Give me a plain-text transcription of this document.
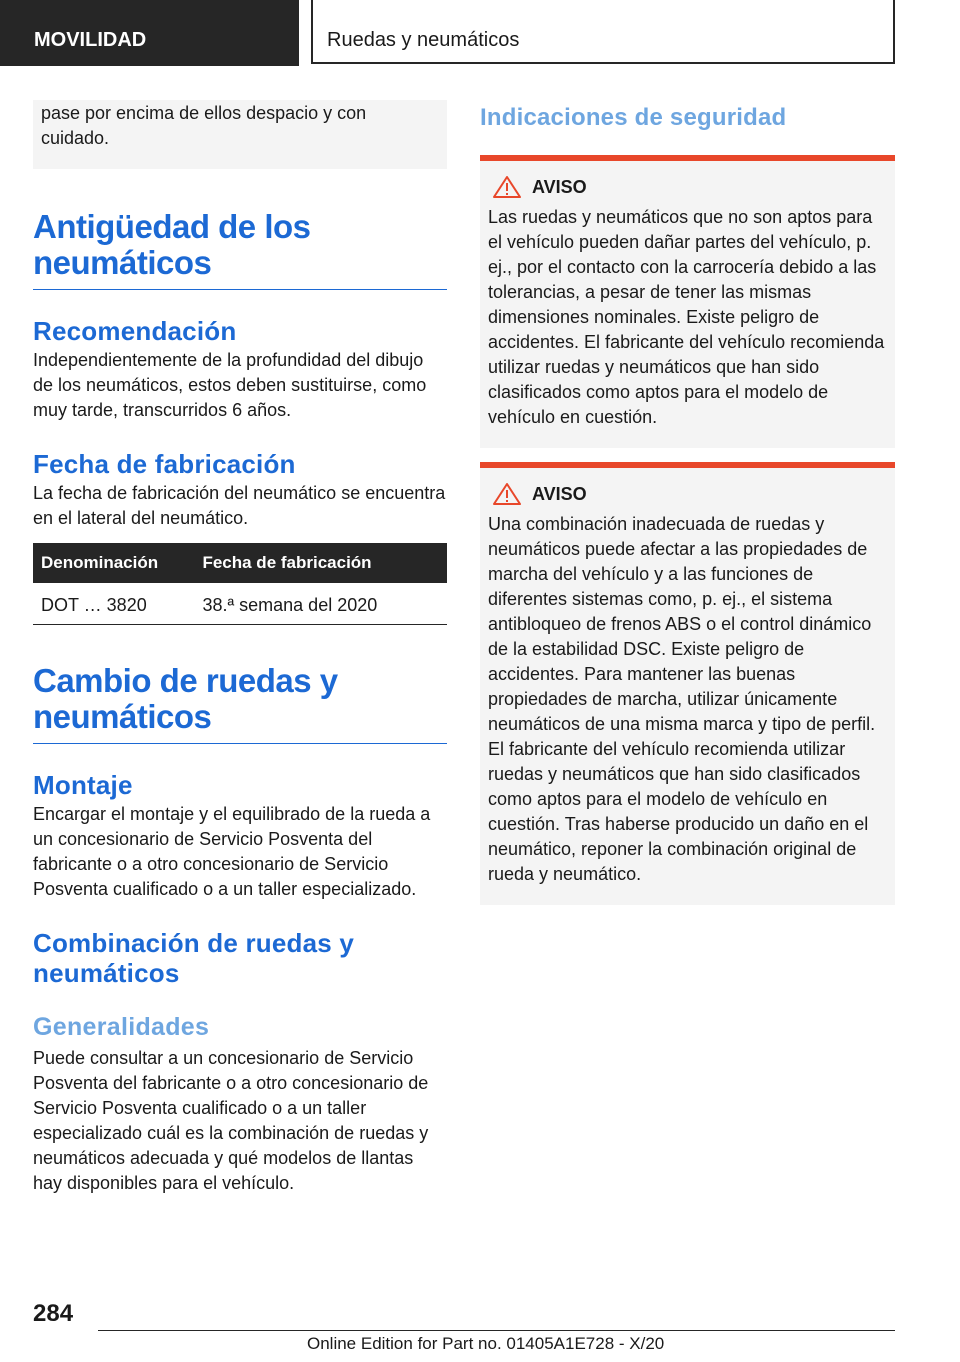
MOVILIDAD	Ruedas y neumáticos

pase por encima de ellos despacio y con cuidado.

Antigüedad de los neumáticos
Recomendación

Independientemente de la profundidad del dibujo de los neumáticos, estos deben sustituirse, como muy tarde, transcurridos 6 años.

Fecha de fabricación

La fecha de fabricación del neumático se encuentra en el lateral del neumático.

Denominación	Fecha de fabricación
DOT … 3820	38.ª semana del 2020
Cambio de ruedas y neumáticos
Montaje

Encargar el montaje y el equilibrado de la rueda a un concesionario de Servicio Posventa del fabricante o a otro concesionario de Servicio Posventa cualificado o a un taller especializado.

Combinación de ruedas y neumáticos
Generalidades

Puede consultar a un concesionario de Servicio Posventa del fabricante o a otro concesionario de Servicio Posventa cualificado o a un taller especializado cuál es la combinación de ruedas y neumáticos adecuada y qué modelos de llantas hay disponibles para el vehículo.

Indicaciones de seguridad
AVISO

Las ruedas y neumáticos que no son aptos para el vehículo pueden dañar partes del vehículo, p. ej., por el contacto con la carrocería debido a las tolerancias, a pesar de tener las mismas dimensiones nominales. Existe peligro de accidentes. El fabricante del vehículo recomienda utilizar ruedas y neumáticos que han sido clasificados como aptos para el modelo de vehículo en cuestión.

AVISO

Una combinación inadecuada de ruedas y neumáticos puede afectar a las propiedades de marcha del vehículo y a las funciones de diferentes sistemas como, p. ej., el sistema antibloqueo de frenos ABS o el control dinámico de la estabilidad DSC. Existe peligro de accidentes. Para mantener las buenas propiedades de marcha, utilizar únicamente neumáticos de una misma marca y tipo de perfil. El fabricante del vehículo recomienda utilizar ruedas y neumáticos que han sido clasificados como aptos para el modelo de vehículo en cuestión. Tras haberse producido un daño en el neumático, reponer la combinación original de rueda y neumático.

284
Online Edition for Part no. 01405A1E728 - X/20
